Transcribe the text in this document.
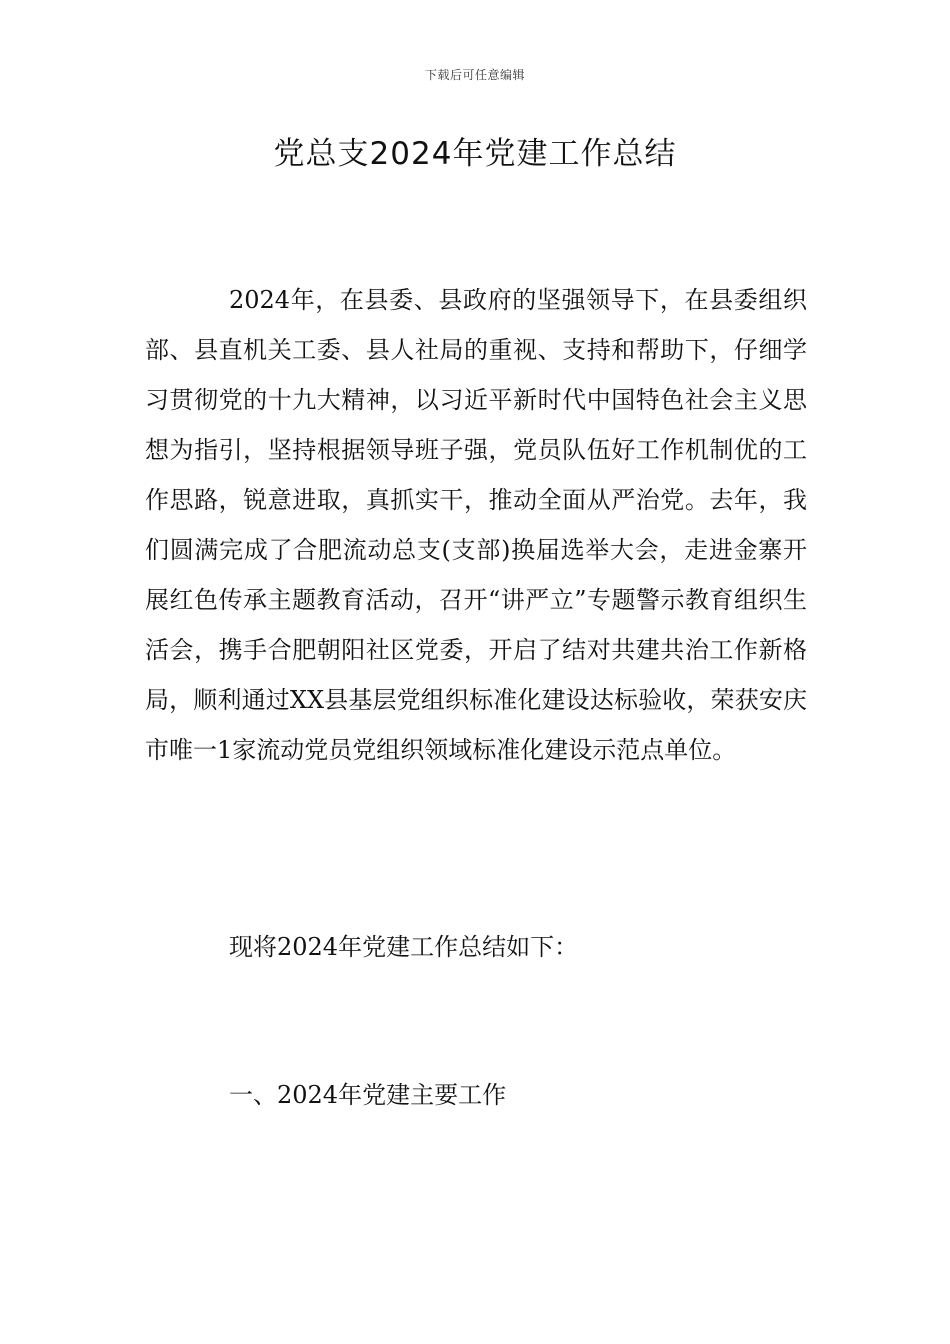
下载后可任意编辑
党总支2024年党建工作总结

2024年，在县委、县政府的坚强领导下，在县委组织部、县直机关工委、县人社局的重视、支持和帮助下，仔细学习贯彻党的十九大精神，以习近平新时代中国特色社会主义思想为指引，坚持根据领导班子强，党员队伍好工作机制优的工作思路，锐意进取，真抓实干，推动全面从严治党。去年，我们圆满完成了合肥流动总支(支部)换届选举大会，走进金寨开展红色传承主题教育活动，召开“讲严立”专题警示教育组织生活会，携手合肥朝阳社区党委，开启了结对共建共治工作新格局，顺利通过XX县基层党组织标准化建设达标验收，荣获安庆市唯一1家流动党员党组织领域标准化建设示范点单位。

现将2024年党建工作总结如下：

一、2024年党建主要工作
